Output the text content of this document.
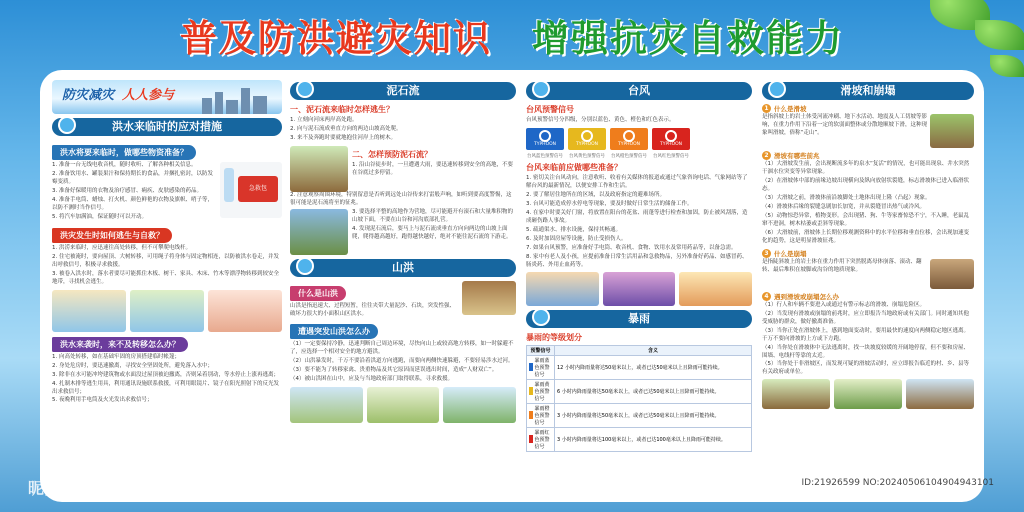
普及防洪避灾知识 增强抗灾自救能力
防灾减灾 人人参与
洪水来临时的应对措施
洪水将要来临时，做哪些物资准备？

1. 准备一台无线电收音机，随时收听、了解各种相关信息。

2. 准备饮用水、罐装果汁和保持期长的食品，并捆扎密封，以防发霉变质。

3. 准备好保暖用的衣物及治疗感冒、痢疾、皮肤感染的药品。

4. 准备手电筒、蜡烛、打火机、颜色鲜艳的衣物及旗帜、哨子等，以防不测时当作信号。

5. 将汽车加满油，保证随时可以开动。

急救包
洪灾发生时如何逃生与自救？

1. 洪涝来临时，应迅速往高处转移，但不可攀爬电线杆。

2. 住宅被淹时，要向屋顶、大树转移，可用绳子将身体与固定物相连，以防被洪水卷走，并发出呼救信号，积极寻求救援。

3. 被卷入洪水时，落水者要尽可能抓住木板、树干、家具、木床、竹木等漂浮物转移到较安全地带，寻找机会逃生。

洪水来袭时，来不及转移怎么办？

1. 向高处转移，如在基础牢固的房顶搭建临时帐篷；

2. 身处危房时，要迅速撤离，寻找安全坚固处所，避免落入水中；

3. 除非在水可能冲垮建筑物或水面没过屋顶被迫撤离，否则呆着别动，等水停止上涨再逃离；

4. 扎制木排等逃生用具，利用通讯设施联系救援，可利用眼镜片、镜子在阳光照射下的反光发出求救信号；

5. 夜晚利用手电筒及火光发出求救信号；

泥石流
一、泥石流来临时怎样逃生？

1. 立刻向河床两岸高处跑。

2. 向与泥石流成垂直方向的两边山坡高处爬。

3. 来不及奔跑时要就地抱住河岸上的树木。

二、怎样预防泥石流？

1. 沿山谷徒步时，一旦遭遇大雨，要迅速转移到安全的高地，不要在谷底过多停留。

2. 注意观察周围环境，特别留意是否听到远处山谷传来打雷般声响，如听到要高度警惕，这很可能是泥石流将至的征兆。

3. 要选择平整的高地作为营地，尽可能避开有滚石和大量堆积物的山坡下面，不要在山谷和河沟底部扎营。

4. 发现泥石流后，要马上与泥石流成垂直方向向两边的山坡上面爬，爬得越高越好，跑得越快越好，绝对不能往泥石流的下游走。

山洪
什么是山洪
山洪是指迅速大、过程短暂，往往夹带大量泥沙、石块，突发性强、破坏力很大的小面积山区洪水。
遭遇突发山洪怎么办

（1）一定要保持冷静，迅速判断自己周边环境，尽快向山上或较高地方转移，如一时躲避不了，应选择一个相对安全的地方避洪。

（2）山洪暴发时，千万不要沿着洪道方向逃跑，而要向两侧快速躲避，不要轻易涉水过河。

（3）要不能为了转移家禽、贵重物品及其它原因而延误逃出时间，造成“人财双亡”。

（4）被山洪困在山中，应及与当地政府部门取得联系，寻求救援。

台风
台风预警信号
台风预警信号分四级，分别以蓝色、黄色、橙色和红色表示。
TYPHOON	TYPHOON	TYPHOON	TYPHOON
台风蓝色预警信号 台风黄色预警信号 台风橙色预警信号 台风红色预警信号
台风来临前应做哪些准备？

1. 密切关注台风动向，注意收听、收看有关媒体的报道或通过气象咨询电话、气象网站等了解台风的最新情况，以便安排工作和生活。

2. 要了解居住地所在的区域，以及政府指定的避难场所。

3. 台风可能造成停水停电等现象，要及时做好日常生活的储备工作。

4. 在家中时要关好门窗，将放置在阳台的花盆、雨蓬等进行检查和加固，防止被风刮落，造成砸伤路人事故。

5. 疏通渠水、排水设施，保持其畅通。

6. 及时加固房屋等设施，防止受损伤人。

7. 如果台风预警，应准备好手电筒、收音机、食物、饮用水及常用药品等，以备急需。

8. 家中有老人及小孩，应提前准备日常生活用品和急救物品，另外准备好药品、如感冒药、肠炎药、外用止血药等。

暴雨
暴雨的等级划分
预警信号	含义

暴雨蓝色预警信号	12 小时内降雨量将达50毫米以上，或者已达50毫米以上且降雨可能持续。

暴雨黄色预警信号	6 小时内降雨量将达50毫米以上，或者已达50毫米以上且降雨可能持续。

暴雨橙色预警信号	3 小时内降雨量将达50毫米以上，或者已达50毫米以上且降雨可能持续。

暴雨红色预警信号	3 小时内降雨量将达100毫米以上，或者已达100毫米以上且降雨可能持续。
滑坡和崩塌
1 什么是滑坡
是指斜坡上的岩土体受河流冲刷、地下水活动、地震及人工切坡等影响，在重力作用下沿着一定的软弱面整体或分散地顺坡下滑，这种现象叫滑坡，俗称“走山”。
2 滑坡有哪些前兆

（1）大滑坡发生前，会出现断流多年的泉水“复活”的情况，也可能出现泉、井水突然干涸水位突变等异常现象。

（2）在滑坡体中部的前缘边坡出现横向及纵向放射状裂缝，标志滑坡体已进入临滑状态。

（3）大滑坡之前，滑坡体前沿坡脚处土地体出现上隆（凸起）现象。

（4）滑坡体后缘的裂缝急剧加长加宽，并从裂缝冒出热气或冷风。

（5）动物惊恐异常，植物变形。会出现猪、狗、牛等家畜惊恐不宁，不入睡，老鼠乱窜不进洞，树木枯萎或歪斜等现象。

（6）大滑坡前，滑坡体上长期位移观测资料中的水平位移和垂直位移，会出现加速变化的趋势，这是明显滑坡征兆。

3 什么是崩塌
是指陡斜坡上的岩土体在重力作用下突然脱离母体崩落、滚动、翻转、最后堆积在坡脚或沟谷的地质现象。
4 遇到滑坡或崩塌怎么办

（1）行人和车辆不要进入或通过有警示标志的滑坡、崩塌危险区。

（2）当发现有滑坡或崩塌的前兆时，应立即报告当地政府或有关部门。同时通知其他受威胁的群众，做好撤离准备。

（3）当你正处在滑坡体上，感到地面变动时，要用最快的速度向两侧稳定地区逃离。千万不要向滑坡的上方或下方跑。

（4）当你处在滑坡体中无法逃离时，找一块坡度较缓的开阔地停留，但不要和房屋、围墙、电线杆等靠的太近。

（5）当你处于非滑坡区，而发现可疑的滑坡活动时，应立即报告临近的村、乡、县等有关政府或单位。

昵图网	ID:21926599 NO:20240506104904943101
